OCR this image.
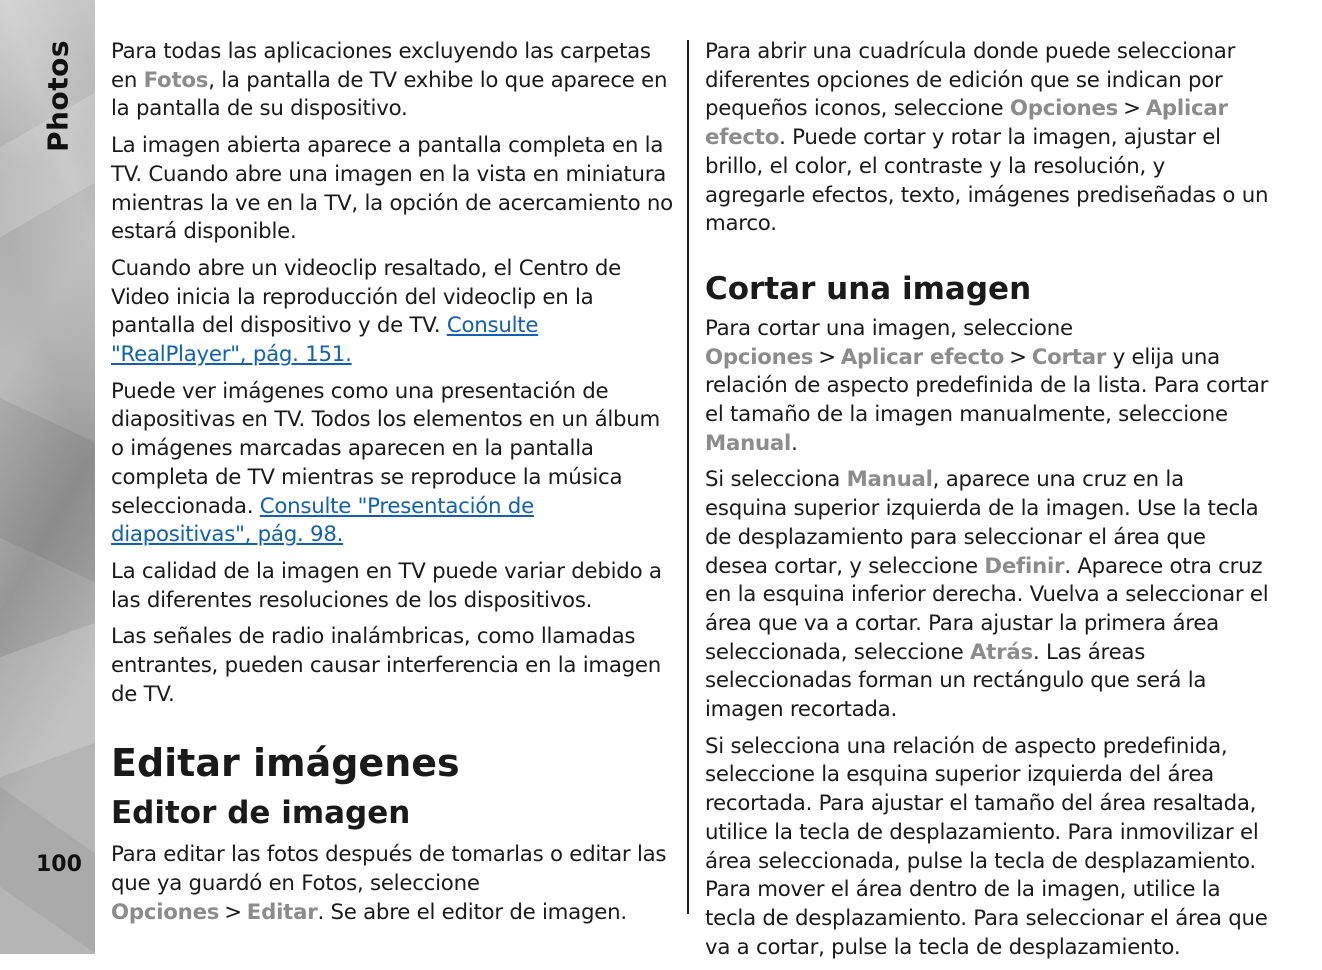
Photos
100

Para todas las aplicaciones excluyendo las carpetas en Fotos, la pantalla de TV exhibe lo que aparece en la pantalla de su dispositivo.

La imagen abierta aparece a pantalla completa en la TV. Cuando abre una imagen en la vista en miniatura mientras la ve en la TV, la opción de acercamiento no estará disponible.

Cuando abre un videoclip resaltado, el Centro de Video inicia la reproducción del videoclip en la pantalla del dispositivo y de TV. Consulte "RealPlayer", pág. 151.

Puede ver imágenes como una presentación de diapositivas en TV. Todos los elementos en un álbum o imágenes marcadas aparecen en la pantalla completa de TV mientras se reproduce la música seleccionada. Consulte "Presentación de diapositivas", pág. 98.

La calidad de la imagen en TV puede variar debido a las diferentes resoluciones de los dispositivos.

Las señales de radio inalámbricas, como llamadas entrantes, pueden causar interferencia en la imagen de TV.

Editar imágenes
Editor de imagen

Para editar las fotos después de tomarlas o editar las que ya guardó en Fotos, seleccione Opciones > Editar. Se abre el editor de imagen.

Para abrir una cuadrícula donde puede seleccionar diferentes opciones de edición que se indican por pequeños iconos, seleccione Opciones > Aplicar efecto. Puede cortar y rotar la imagen, ajustar el brillo, el color, el contraste y la resolución, y agregarle efectos, texto, imágenes prediseñadas o un marco.

Cortar una imagen

Para cortar una imagen, seleccione Opciones > Aplicar efecto > Cortar y elija una relación de aspecto predefinida de la lista. Para cortar el tamaño de la imagen manualmente, seleccione Manual.

Si selecciona Manual, aparece una cruz en la esquina superior izquierda de la imagen. Use la tecla de desplazamiento para seleccionar el área que desea cortar, y seleccione Definir. Aparece otra cruz en la esquina inferior derecha. Vuelva a seleccionar el área que va a cortar. Para ajustar la primera área seleccionada, seleccione Atrás. Las áreas seleccionadas forman un rectángulo que será la imagen recortada.

Si selecciona una relación de aspecto predefinida, seleccione la esquina superior izquierda del área recortada. Para ajustar el tamaño del área resaltada, utilice la tecla de desplazamiento. Para inmovilizar el área seleccionada, pulse la tecla de desplazamiento. Para mover el área dentro de la imagen, utilice la tecla de desplazamiento. Para seleccionar el área que va a cortar, pulse la tecla de desplazamiento.
